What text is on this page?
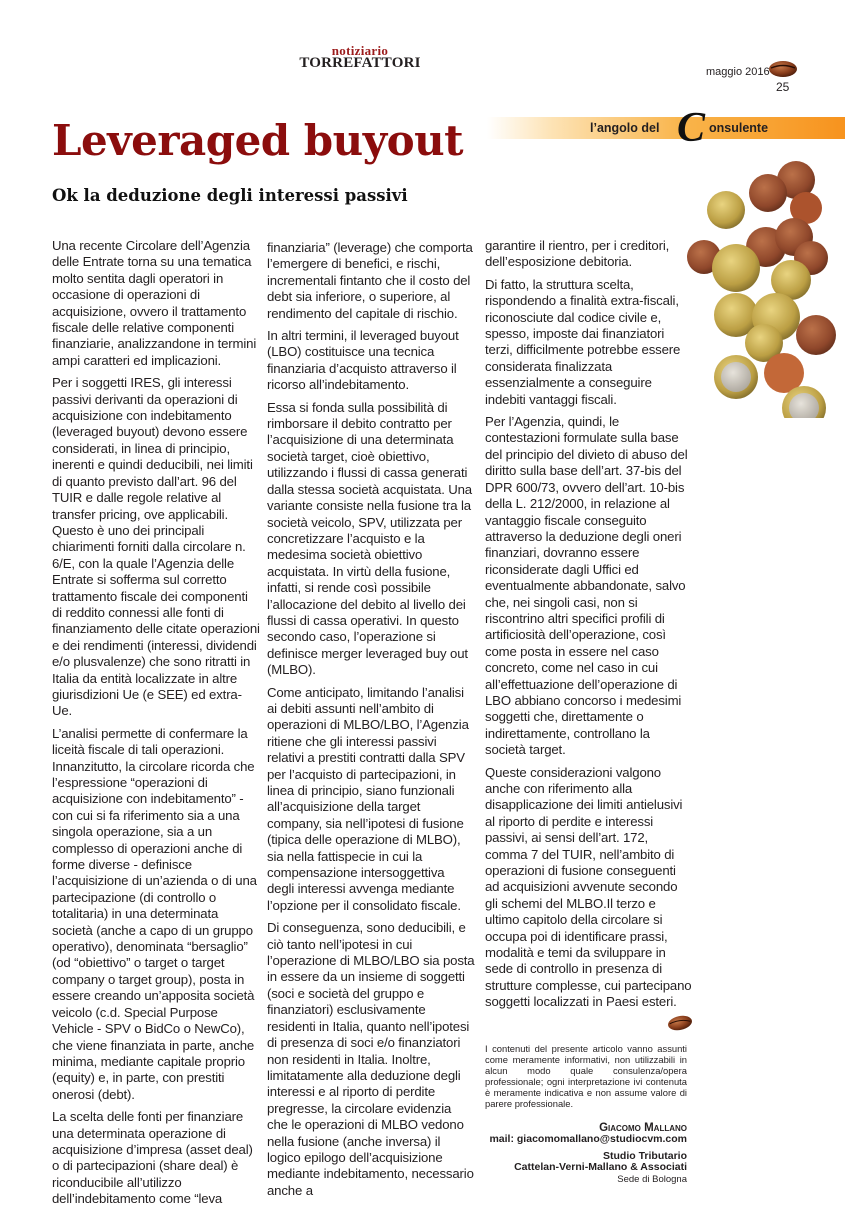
notiziario
TORREFATTORI
maggio 2016
25
l’angolo del C onsulente
Leveraged buyout
Ok la deduzione degli interessi passivi

Una recente Circolare dell’Agenzia delle Entrate torna su una tematica molto sentita dagli operatori in occasione di operazioni di acquisizione, ovvero il trattamento fiscale delle relative componenti finanziarie, analizzandone in termini ampi caratteri ed implicazioni.

Per i soggetti IRES, gli interessi passivi derivanti da operazioni di acquisizione con indebitamento (leveraged buyout) devono essere considerati, in linea di principio, inerenti e quindi deducibili, nei limiti di quanto previsto dall’art. 96 del TUIR e dalle regole relative al transfer pricing, ove applicabili. Questo è uno dei principali chiarimenti forniti dalla circolare n. 6/E, con la quale l’Agenzia delle Entrate si sofferma sul corretto trattamento fiscale dei componenti di reddito connessi alle fonti di finanziamento delle citate operazioni e dei rendimenti (interessi, dividendi e/o plusvalenze) che sono ritratti in Italia da entità localizzate in altre giurisdizioni Ue (e SEE) ed extra-Ue.

L’analisi permette di confermare la liceità fiscale di tali operazioni. Innanzitutto, la circolare ricorda che l’espressione “operazioni di acquisizione con indebitamento” - con cui si fa riferimento sia a una singola operazione, sia a un complesso di operazioni anche di forme diverse - definisce l’acquisizione di un’azienda o di una partecipazione (di controllo o totalitaria) in una determinata società (anche a capo di un gruppo operativo), denominata “bersaglio” (od “obiettivo” o target o target company o target group), posta in essere creando un’apposita società veicolo (c.d. Special Purpose Vehicle - SPV o BidCo o NewCo), che viene finanziata in parte, anche minima, mediante capitale proprio (equity) e, in parte, con prestiti onerosi (debt).

La scelta delle fonti per finanziare una determinata operazione di acquisizione d’impresa (asset deal) o di partecipazioni (share deal) è riconducibile all’utilizzo dell’indebitamento come “leva

finanziaria” (leverage) che comporta l’emergere di benefici, e rischi, incrementali fintanto che il costo del debt sia inferiore, o superiore, al rendimento del capitale di rischio.

In altri termini, il leveraged buyout (LBO) costituisce una tecnica finanziaria d’acquisto attraverso il ricorso all’indebitamento.

Essa si fonda sulla possibilità di rimborsare il debito contratto per l’acquisizione di una determinata società target, cioè obiettivo, utilizzando i flussi di cassa generati dalla stessa società acquistata. Una variante consiste nella fusione tra la società veicolo, SPV, utilizzata per concretizzare l’acquisto e la medesima società obiettivo acquistata. In virtù della fusione, infatti, si rende così possibile l’allocazione del debito al livello dei flussi di cassa operativi. In questo secondo caso, l’operazione si definisce merger leveraged buy out (MLBO).

Come anticipato, limitando l’analisi ai debiti assunti nell’ambito di operazioni di MLBO/LBO, l’Agenzia ritiene che gli interessi passivi relativi a prestiti contratti dalla SPV per l’acquisto di partecipazioni, in linea di principio, siano funzionali all’acquisizione della target company, sia nell’ipotesi di fusione (tipica delle operazione di MLBO), sia nella fattispecie in cui la compensazione intersoggettiva degli interessi avvenga mediante l’opzione per il consolidato fiscale.

Di conseguenza, sono deducibili, e ciò tanto nell’ipotesi in cui l’operazione di MLBO/LBO sia posta in essere da un insieme di soggetti (soci e società del gruppo e finanziatori) esclusivamente residenti in Italia, quanto nell’ipotesi di presenza di soci e/o finanziatori non residenti in Italia. Inoltre, limitatamente alla deduzione degli interessi e al riporto di perdite pregresse, la circolare evidenzia che le operazioni di MLBO vedono nella fusione (anche inversa) il logico epilogo dell’acquisizione mediante indebitamento, necessario anche a

garantire il rientro, per i creditori, dell’esposizione debitoria.

Di fatto, la struttura scelta, rispondendo a finalità extra-fiscali, riconosciute dal codice civile e, spesso, imposte dai finanziatori terzi, difficilmente potrebbe essere considerata finalizzata essenzialmente a conseguire indebiti vantaggi fiscali.

Per l’Agenzia, quindi, le contestazioni formulate sulla base del principio del divieto di abuso del diritto sulla base dell’art. 37-bis del DPR 600/73, ovvero dell’art. 10-bis della L. 212/2000, in relazione al vantaggio fiscale conseguito attraverso la deduzione degli oneri finanziari, dovranno essere riconsiderate dagli Uffici ed eventualmente abbandonate, salvo che, nei singoli casi, non si riscontrino altri specifici profili di artificiosità dell’operazione, così come posta in essere nel caso concreto, come nel caso in cui all’effettuazione dell’operazione di LBO abbiano concorso i medesimi soggetti che, direttamente o indirettamente, controllano la società target.

Queste considerazioni valgono anche con riferimento alla disapplicazione dei limiti antielusivi al riporto di perdite e interessi passivi, ai sensi dell’art. 172, comma 7 del TUIR, nell’ambito di operazioni di fusione conseguenti ad acquisizioni avvenute secondo gli schemi del MLBO.Il terzo e ultimo capitolo della circolare si occupa poi di identificare prassi, modalità e temi da sviluppare in sede di controllo in presenza di strutture complesse, cui partecipano soggetti localizzati in Paesi esteri.

I contenuti del presente articolo vanno assunti come meramente informativi, non utilizzabili in alcun modo quale consulenza/opera professionale; ogni interpretazione ivi contenuta è meramente indicativa e non assume valore di parere professionale.
Giacomo Mallano
mail: giacomomallano@studiocvm.com
Studio Tributario
Cattelan-Verni-Mallano & Associati
Sede di Bologna
